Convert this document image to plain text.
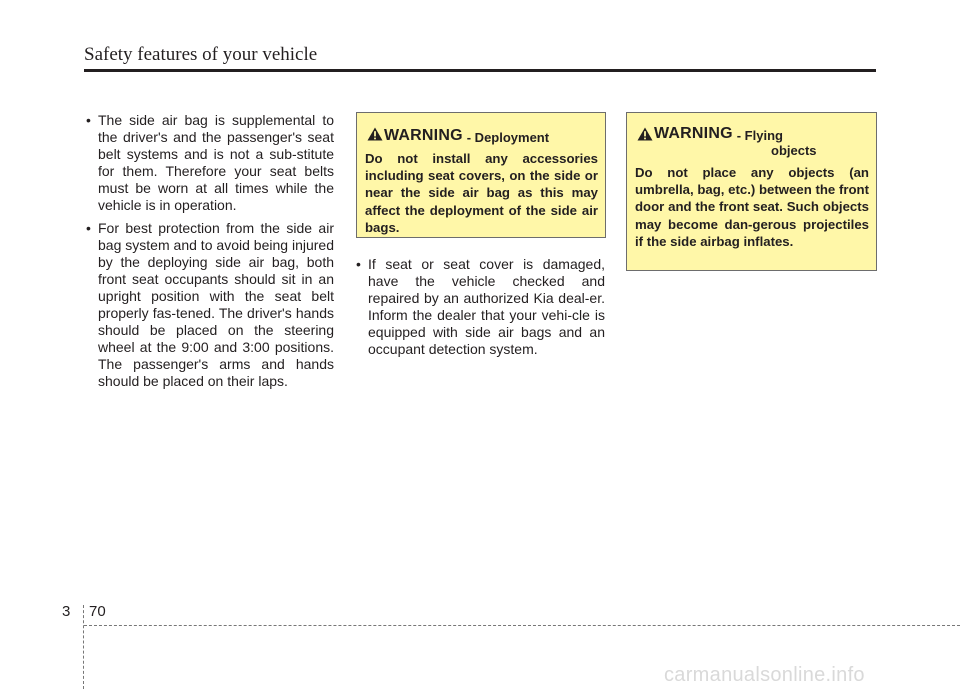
Safety features of your vehicle

• The side air bag is supplemental to the driver's and the passenger's seat belt systems and is not a sub-stitute for them. Therefore your seat belts must be worn at all times while the vehicle is in operation.

• For best protection from the side air bag system and to avoid being injured by the deploying side air bag, both front seat occupants should sit in an upright position with the seat belt properly fas-tened. The driver's hands should be placed on the steering wheel at the 9:00 and 3:00 positions. The passenger's arms and hands should be placed on their laps.

WARNING - Deployment
Do not install any accessories including seat covers, on the side or near the side air bag as this may affect the deployment of the side air bags.

• If seat or seat cover is damaged, have the vehicle checked and repaired by an authorized Kia deal-er. Inform the dealer that your vehi-cle is equipped with side air bags and an occupant detection system.

WARNING - Flying
objects
Do not place any objects (an umbrella, bag, etc.) between the front door and the front seat. Such objects may become dan-gerous projectiles if the side airbag inflates.
3 70
carmanualsonline.info
